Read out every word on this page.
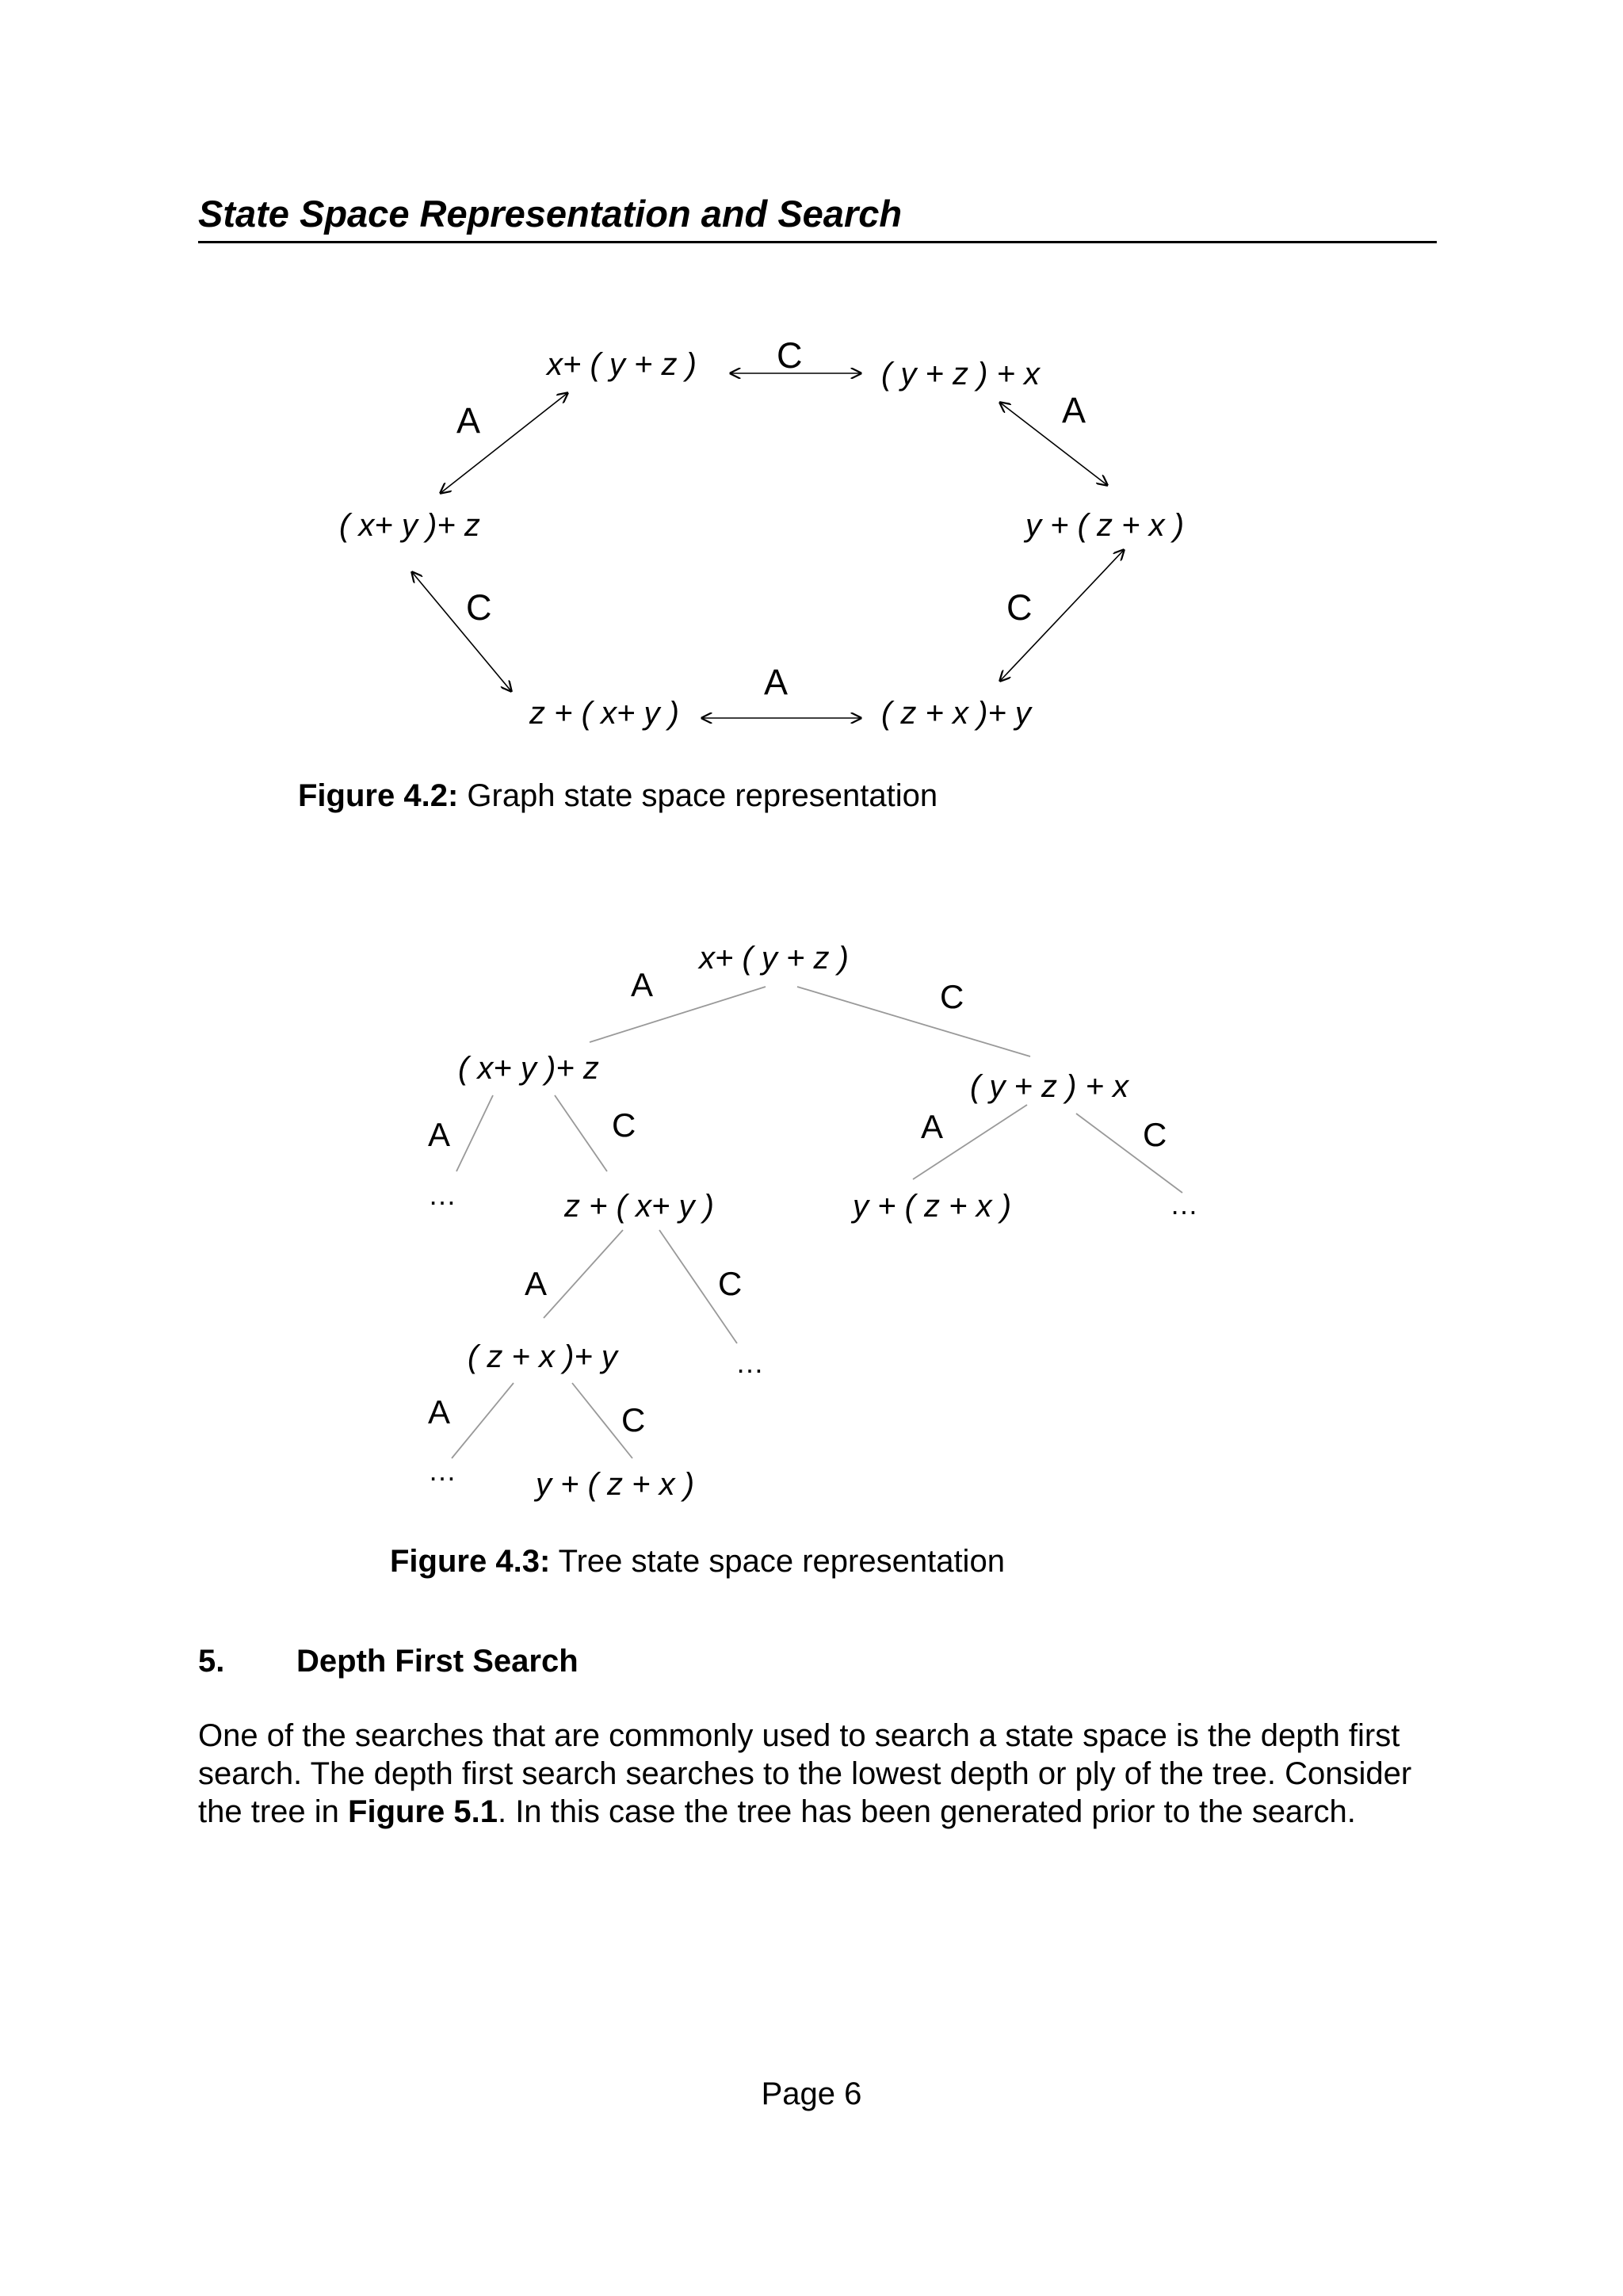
State Space Representation and Search
x+ ( y + z )	( y + z ) + x
( x+ y )+ z	y + ( z + x )
z + ( x+ y )	( z + x )+ y
C
A	A
C	C
A
x+ ( y + z )
( x+ y )+ z
( y + z ) + x
z + ( x+ y )	y + ( z + x )
( z + x )+ y
y + ( z + x )
…	…
…
…
A	C
A	C	A	C
A	C
A	C

Figure 4.2: Graph state space representation

Figure 4.3: Tree state space representation

5. Depth First Search

One of the searches that are commonly used to search a state space is the depth first search. The depth first search searches to the lowest depth or ply of the tree. Consider the tree in Figure 5.1. In this case the tree has been generated prior to the search.

Page 6
